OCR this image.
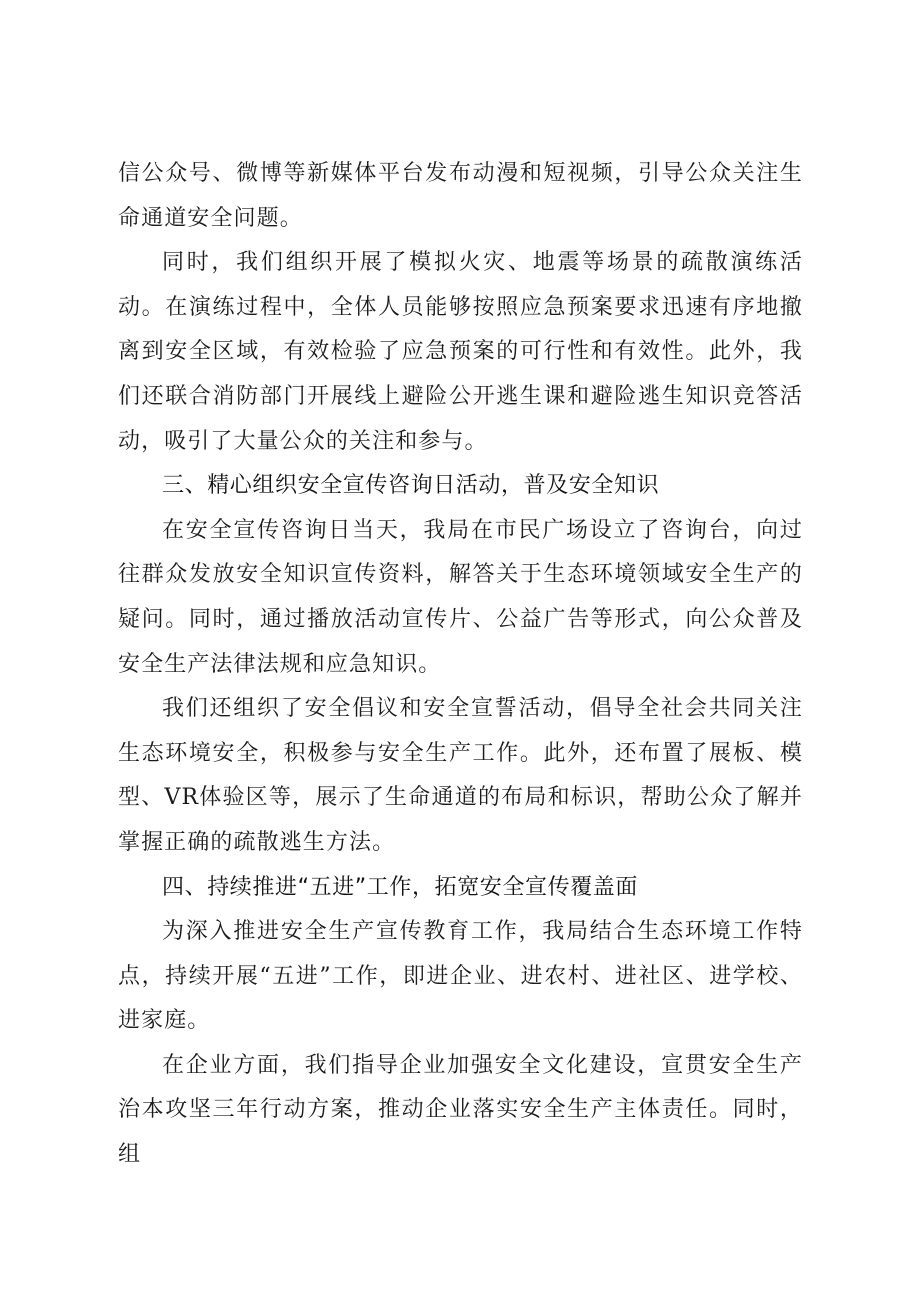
信公众号、微博等新媒体平台发布动漫和短视频，引导公众关注生命通道安全问题。

同时，我们组织开展了模拟火灾、地震等场景的疏散演练活动。在演练过程中，全体人员能够按照应急预案要求迅速有序地撤离到安全区域，有效检验了应急预案的可行性和有效性。此外，我们还联合消防部门开展线上避险公开逃生课和避险逃生知识竞答活动，吸引了大量公众的关注和参与。

三、精心组织安全宣传咨询日活动，普及安全知识

在安全宣传咨询日当天，我局在市民广场设立了咨询台，向过往群众发放安全知识宣传资料，解答关于生态环境领域安全生产的疑问。同时，通过播放活动宣传片、公益广告等形式，向公众普及安全生产法律法规和应急知识。

我们还组织了安全倡议和安全宣誓活动，倡导全社会共同关注生态环境安全，积极参与安全生产工作。此外，还布置了展板、模型、VR体验区等，展示了生命通道的布局和标识，帮助公众了解并掌握正确的疏散逃生方法。

四、持续推进“五进”工作，拓宽安全宣传覆盖面

为深入推进安全生产宣传教育工作，我局结合生态环境工作特点，持续开展“五进”工作，即进企业、进农村、进社区、进学校、进家庭。

在企业方面，我们指导企业加强安全文化建设，宣贯安全生产治本攻坚三年行动方案，推动企业落实安全生产主体责任。同时，组
